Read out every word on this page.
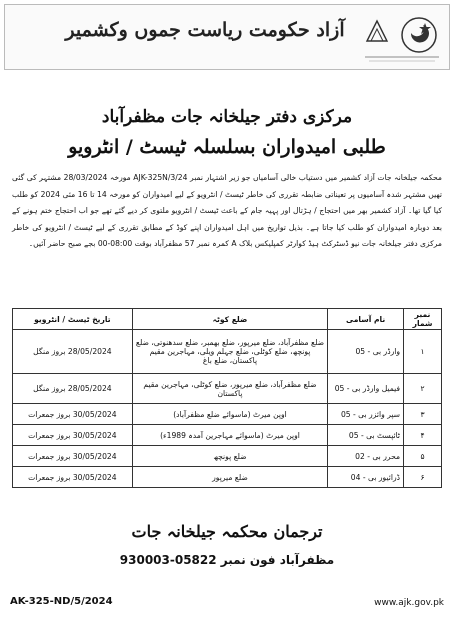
آزاد حکومت ریاست جموں وکشمیر
مرکزی دفتر جیلخانہ جات مظفرآباد
طلبی امیدواران بسلسلہ ٹیسٹ / انٹرویو
محکمہ جیلخانہ جات آزاد کشمیر میں دستیاب خالی آسامیاں جو زیر اشتہار نمبر AJK-325N/3/24 مورخہ 28/03/2024 مشتہر کی گئی تھیں مشتہر شدہ آسامیوں پر تعیناتی ضابطہ تقرری کی خاطر ٹیسٹ / انٹرویو کے لیے امیدواران کو مورخہ 14 تا 16 مئی 2024 کو طلب کیا گیا تھا۔ آزاد کشمیر بھر میں احتجاج / ہڑتال اور پہیہ جام کے باعث ٹیسٹ / انٹرویو ملتوی کر دیے گئے تھے جو اب احتجاج ختم ہونے کے بعد دوبارہ امیدواران کو طلب کیا جاتا ہے۔ بذیل تواریخ میں اہل امیدواران اپنے کوڈ کے مطابق تقرری کے لیے ٹیسٹ / انٹرویو کی خاطر مرکزی دفتر جیلخانہ جات نیو ڈسٹرکٹ ہیڈ کوارٹر کمپلیکس بلاک A کمرہ نمبر 57 مظفرآباد بوقت 08:00-00 بجے صبح حاضر آئیں۔
نمبر شمار	نام آسامی	ضلع کوٹہ	تاریخ ٹیسٹ / انٹرویو
۱	وارڈر بی - 05	ضلع مظفرآباد، ضلع میرپور، ضلع بھمبر، ضلع سدھنوتی، ضلع پونچھ، ضلع کوٹلی، ضلع جہلم ویلی، مہاجرین مقیم پاکستان، ضلع باغ	28/05/2024 بروز منگل
۲	فیمیل وارڈر بی - 05	ضلع مظفرآباد، ضلع میرپور، ضلع کوٹلی، مہاجرین مقیم پاکستان	28/05/2024 بروز منگل
۳	سپر وائزر بی - 05	اوپن میرٹ (ماسوائے ضلع مظفرآباد)	30/05/2024 بروز جمعرات
۴	ٹائپسٹ بی - 05	اوپن میرٹ (ماسوائے مہاجرین آمدہ 1989ء)	30/05/2024 بروز جمعرات
۵	محرر بی - 02	ضلع پونچھ	30/05/2024 بروز جمعرات
۶	ڈرائیور بی - 04	ضلع میرپور	30/05/2024 بروز جمعرات
ترجمان محکمہ جیلخانہ جات
مظفرآباد فون نمبر 05822-930003
AK-325-ND/5/2024	www.ajk.gov.pk
